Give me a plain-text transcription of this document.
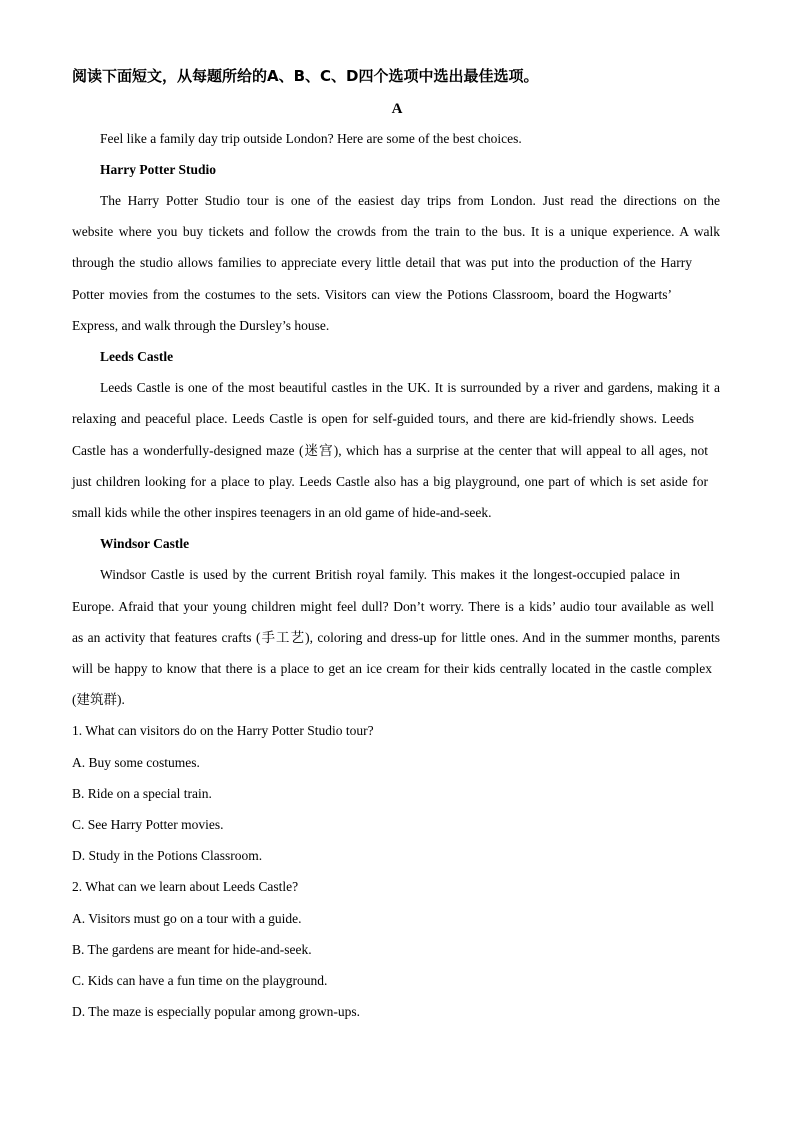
阅读下面短文，从每题所给的A、B、C、D四个选项中选出最佳选项。
A
Feel like a family day trip outside London? Here are some of the best choices.
Harry Potter Studio
The Harry Potter Studio tour is one of the easiest day trips from London. Just read the directions on the
website where you buy tickets and follow the crowds from the train to the bus. It is a unique experience. A walk
through the studio allows families to appreciate every little detail that was put into the production of the Harry
Potter movies from the costumes to the sets. Visitors can view the Potions Classroom, board the Hogwarts’
Express, and walk through the Dursley’s house.
Leeds Castle
Leeds Castle is one of the most beautiful castles in the UK. It is surrounded by a river and gardens, making it a
relaxing and peaceful place. Leeds Castle is open for self-guided tours, and there are kid-friendly shows. Leeds
Castle has a wonderfully-designed maze (迷宫), which has a surprise at the center that will appeal to all ages, not
just children looking for a place to play. Leeds Castle also has a big playground, one part of which is set aside for
small kids while the other inspires teenagers in an old game of hide-and-seek.
Windsor Castle
Windsor Castle is used by the current British royal family. This makes it the longest-occupied palace in
Europe. Afraid that your young children might feel dull? Don’t worry. There is a kids’ audio tour available as well
as an activity that features crafts (手工艺), coloring and dress-up for little ones. And in the summer months, parents
will be happy to know that there is a place to get an ice cream for their kids centrally located in the castle complex
(建筑群).
1. What can visitors do on the Harry Potter Studio tour?
A. Buy some costumes.
B. Ride on a special train.
C. See Harry Potter movies.
D. Study in the Potions Classroom.
2. What can we learn about Leeds Castle?
A. Visitors must go on a tour with a guide.
B. The gardens are meant for hide-and-seek.
C. Kids can have a fun time on the playground.
D. The maze is especially popular among grown-ups.
